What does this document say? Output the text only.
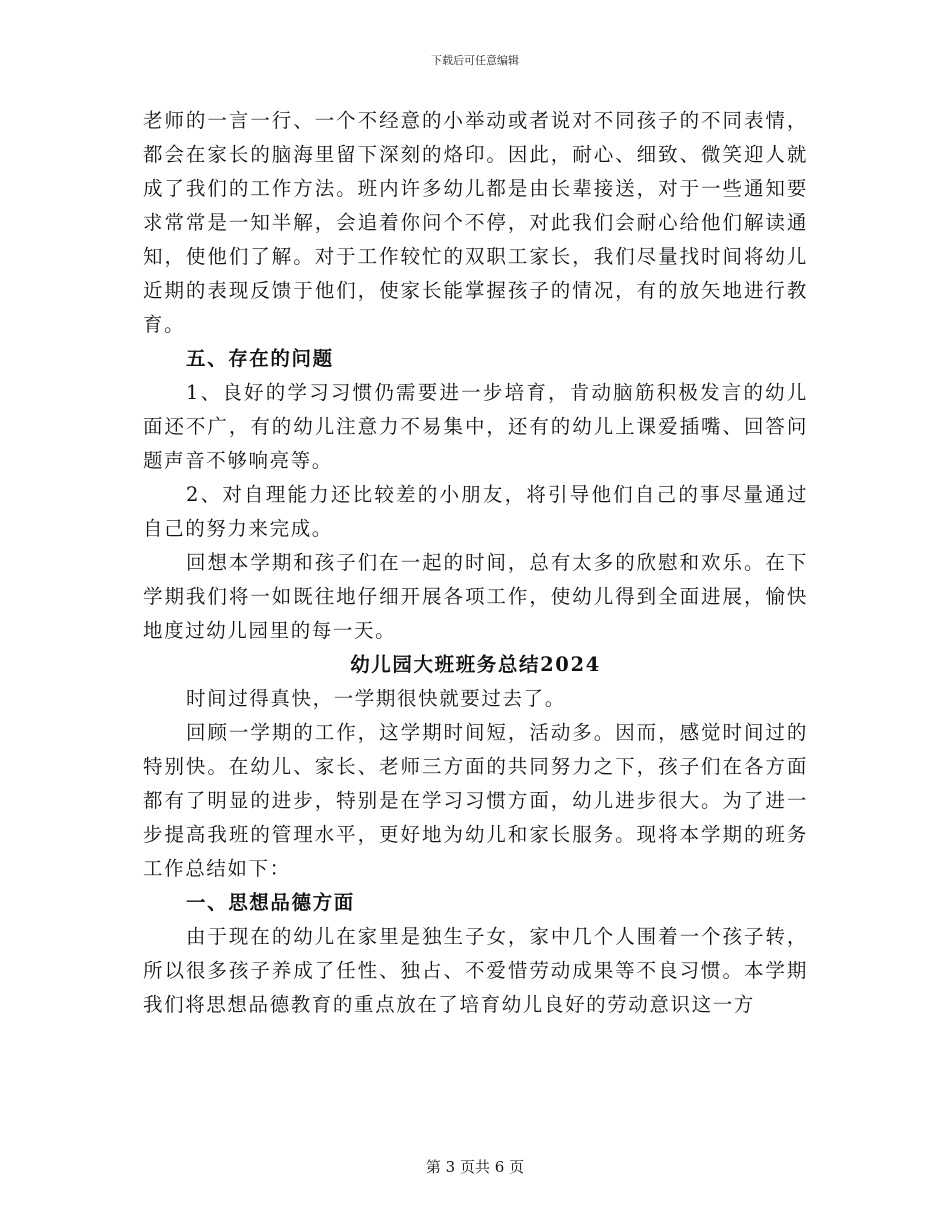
下载后可任意编辑

老师的一言一行、一个不经意的小举动或者说对不同孩子的不同表情，都会在家长的脑海里留下深刻的烙印。因此，耐心、细致、微笑迎人就成了我们的工作方法。班内许多幼儿都是由长辈接送，对于一些通知要求常常是一知半解，会追着你问个不停，对此我们会耐心给他们解读通知，使他们了解。对于工作较忙的双职工家长，我们尽量找时间将幼儿近期的表现反馈于他们，使家长能掌握孩子的情况，有的放矢地进行教育。

五、存在的问题

1、良好的学习习惯仍需要进一步培育，肯动脑筋积极发言的幼儿面还不广，有的幼儿注意力不易集中，还有的幼儿上课爱插嘴、回答问题声音不够响亮等。

2、对自理能力还比较差的小朋友，将引导他们自己的事尽量通过自己的努力来完成。

回想本学期和孩子们在一起的时间，总有太多的欣慰和欢乐。在下学期我们将一如既往地仔细开展各项工作，使幼儿得到全面进展，愉快地度过幼儿园里的每一天。

幼儿园大班班务总结2024

时间过得真快，一学期很快就要过去了。

回顾一学期的工作，这学期时间短，活动多。因而，感觉时间过的特别快。在幼儿、家长、老师三方面的共同努力之下，孩子们在各方面都有了明显的进步，特别是在学习习惯方面，幼儿进步很大。为了进一步提高我班的管理水平，更好地为幼儿和家长服务。现将本学期的班务工作总结如下：

一、思想品德方面

由于现在的幼儿在家里是独生子女，家中几个人围着一个孩子转，所以很多孩子养成了任性、独占、不爱惜劳动成果等不良习惯。本学期我们将思想品德教育的重点放在了培育幼儿良好的劳动意识这一方

第 3 页共 6 页
